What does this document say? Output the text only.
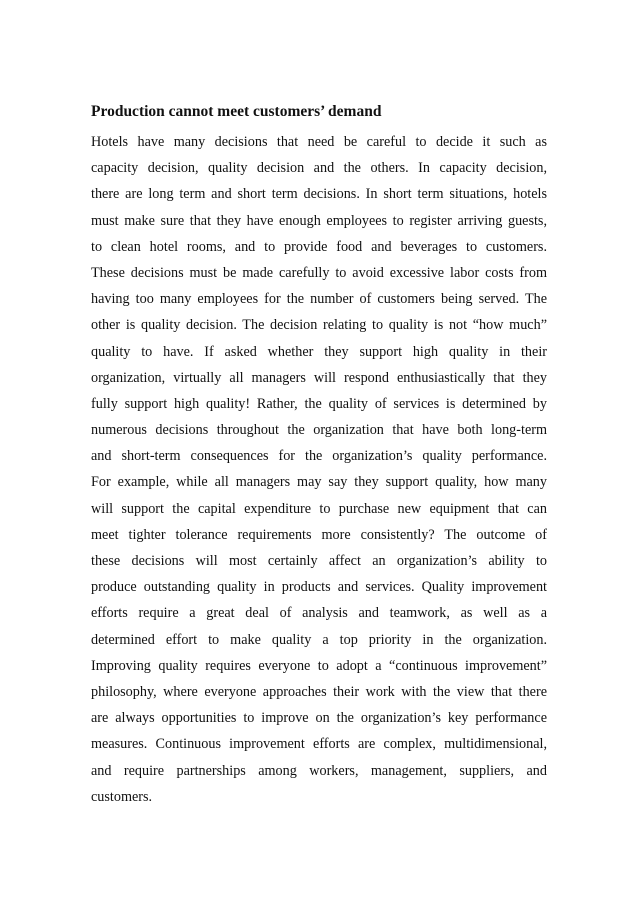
Production cannot meet customers’ demand
Hotels have many decisions that need be careful to decide it such as
capacity decision, quality decision and the others. In capacity decision,
there are long term and short term decisions. In short term situations, hotels
must make sure that they have enough employees to register arriving guests,
to clean hotel rooms, and to provide food and beverages to customers.
These decisions must be made carefully to avoid excessive labor costs from
having too many employees for the number of customers being served. The
other is quality decision. The decision relating to quality is not “how much”
quality to have. If asked whether they support high quality in their
organization, virtually all managers will respond enthusiastically that they
fully support high quality! Rather, the quality of services is determined by
numerous decisions throughout the organization that have both long-term
and short-term consequences for the organization’s quality performance.
For example, while all managers may say they support quality, how many
will support the capital expenditure to purchase new equipment that can
meet tighter tolerance requirements more consistently? The outcome of
these decisions will most certainly affect an organization’s ability to
produce outstanding quality in products and services. Quality improvement
efforts require a great deal of analysis and teamwork, as well as a
determined effort to make quality a top priority in the organization.
Improving quality requires everyone to adopt a “continuous improvement”
philosophy, where everyone approaches their work with the view that there
are always opportunities to improve on the organization’s key performance
measures. Continuous improvement efforts are complex, multidimensional,
and require partnerships among workers, management, suppliers, and
customers.
